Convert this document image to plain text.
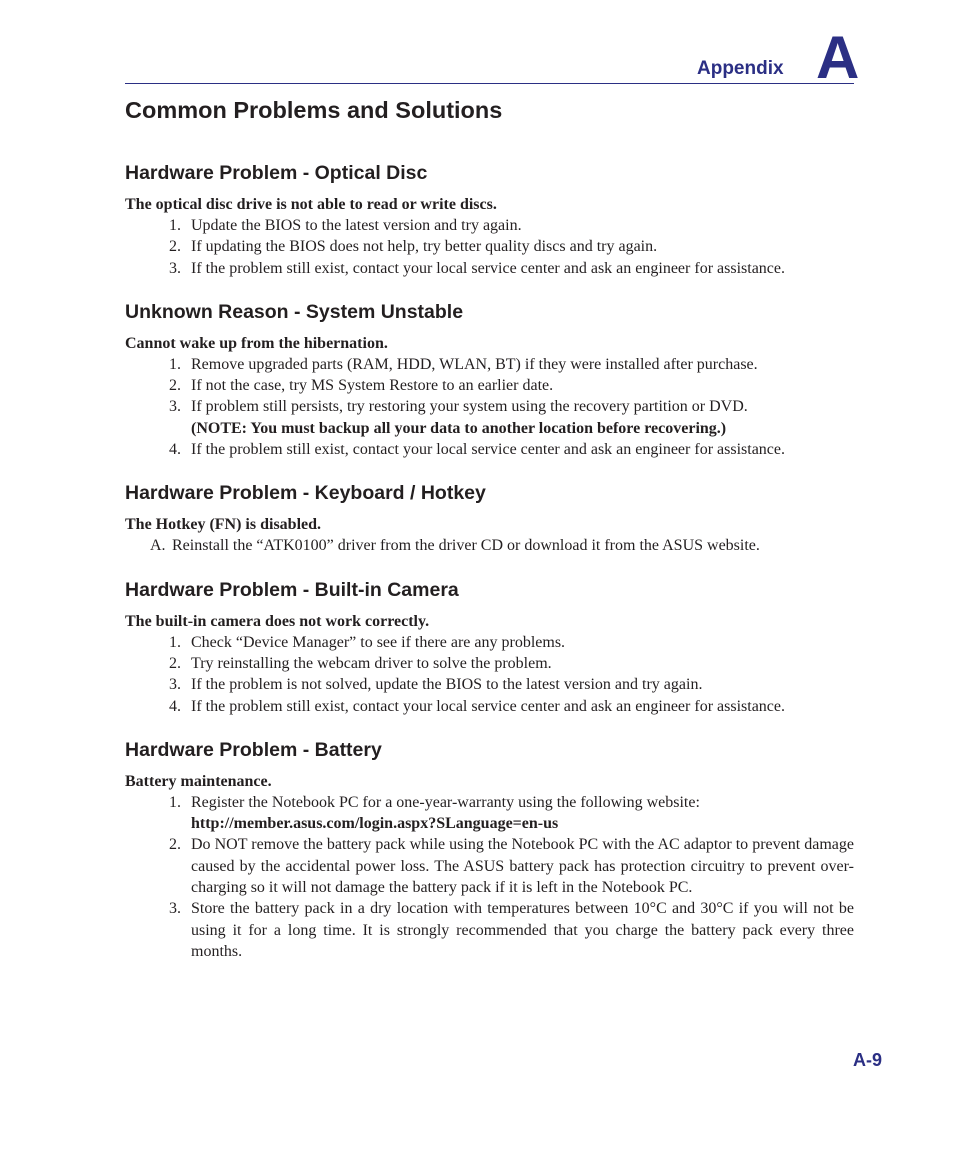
Appendix A
Common Problems and Solutions
Hardware Problem - Optical Disc

The optical disc drive is not able to read or write discs.

1. Update the BIOS to the latest version and try again.
2. If updating the BIOS does not help, try better quality discs and try again.
3. If the problem still exist, contact your local service center and ask an engineer for assistance.
Unknown Reason - System Unstable

Cannot wake up from the hibernation.

1. Remove upgraded parts (RAM, HDD, WLAN, BT) if they were installed after purchase.
2. If not the case, try MS System Restore to an earlier date.
3. If problem still persists, try restoring your system using the recovery partition or DVD.
(NOTE: You must backup all your data to another location before recovering.)
4. If the problem still exist, contact your local service center and ask an engineer for assistance.
Hardware Problem - Keyboard / Hotkey

The Hotkey (FN) is disabled.

A. Reinstall the “ATK0100” driver from the driver CD or download it from the ASUS website.
Hardware Problem - Built-in Camera

The built-in camera does not work correctly.

1. Check “Device Manager” to see if there are any problems.
2. Try reinstalling the webcam driver to solve the problem.
3. If the problem is not solved, update the BIOS to the latest version and try again.
4. If the problem still exist, contact your local service center and ask an engineer for assistance.
Hardware Problem - Battery

Battery maintenance.

1. Register the Notebook PC for a one-year-warranty using the following website:
http://member.asus.com/login.aspx?SLanguage=en-us
2. Do NOT remove the battery pack while using the Notebook PC with the AC adaptor to prevent damage caused by the accidental power loss. The ASUS battery pack has protection circuitry to prevent over-charging so it will not damage the battery pack if it is left in the Notebook PC.
3. Store the battery pack in a dry location with temperatures between 10°C and 30°C if you will not be using it for a long time. It is strongly recommended that you charge the battery pack every three months.
A-9
